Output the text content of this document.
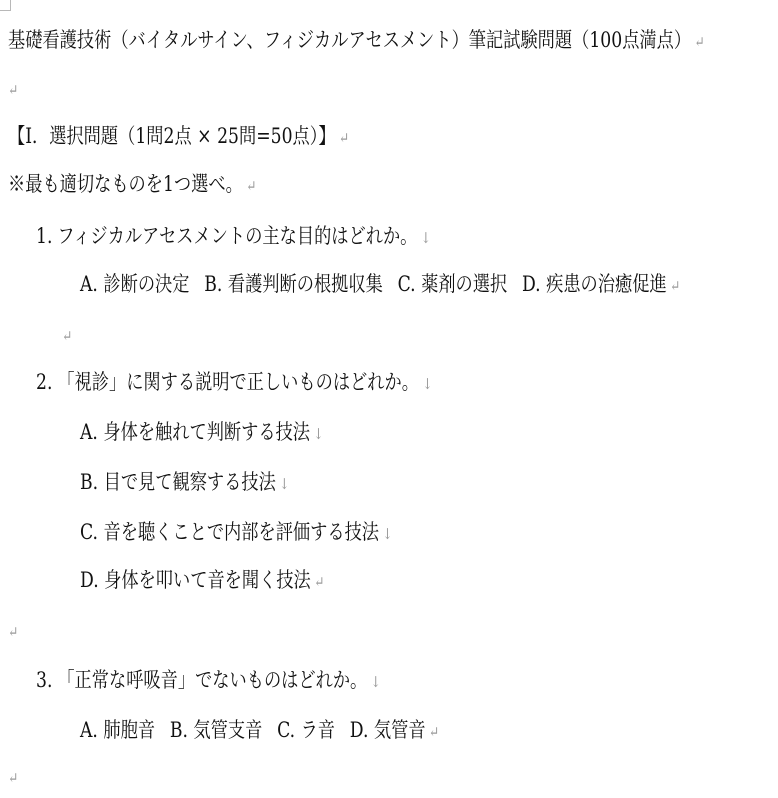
基礎看護技術（バイタルサイン、フィジカルアセスメント）筆記試験問題（100点満点） ↵
↵
【I．選択問題（1問2点 × 25問=50点）】 ↵
※最も適切なものを1つ選べ。 ↵
1. フィジカルアセスメントの主な目的はどれか。 ↓
A. 診断の決定 B. 看護判断の根拠収集 C. 薬剤の選択 D. 疾患の治癒促進 ↵
↵
2. 「視診」に関する説明で正しいものはどれか。 ↓
A. 身体を触れて判断する技法 ↓
B. 目で見て観察する技法 ↓
C. 音を聴くことで内部を評価する技法 ↓
D. 身体を叩いて音を聞く技法 ↵
↵
3. 「正常な呼吸音」でないものはどれか。 ↓
A. 肺胞音 B. 気管支音 C. ラ音 D. 気管音 ↵
↵
